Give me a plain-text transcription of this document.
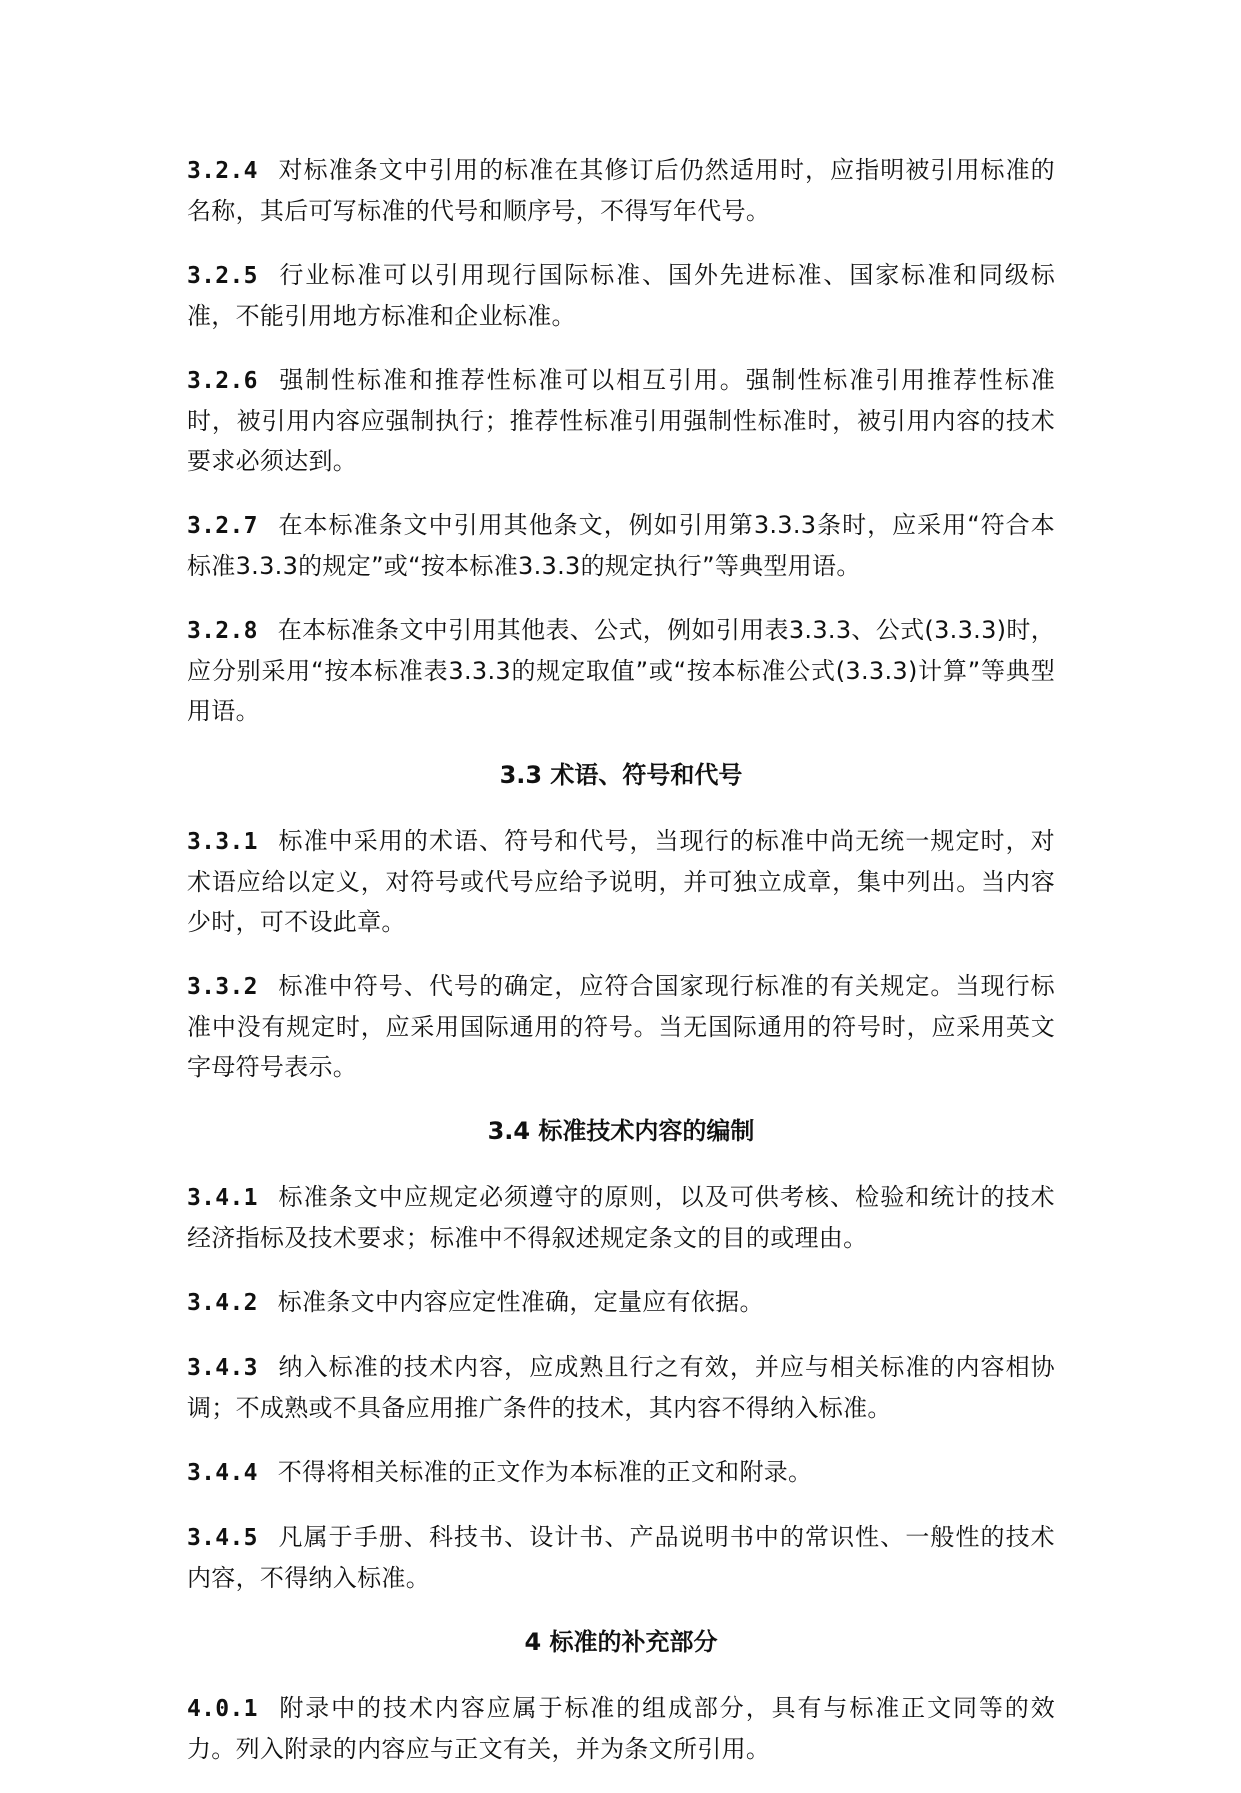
3.2.4 对标准条文中引用的标准在其修订后仍然适用时，应指明被引用标准的名称，其后可写标准的代号和顺序号，不得写年代号。

3.2.5 行业标准可以引用现行国际标准、国外先进标准、国家标准和同级标准，不能引用地方标准和企业标准。

3.2.6 强制性标准和推荐性标准可以相互引用。强制性标准引用推荐性标准时，被引用内容应强制执行；推荐性标准引用强制性标准时，被引用内容的技术要求必须达到。

3.2.7 在本标准条文中引用其他条文，例如引用第3.3.3条时，应采用“符合本标准3.3.3的规定”或“按本标准3.3.3的规定执行”等典型用语。

3.2.8 在本标准条文中引用其他表、公式，例如引用表3.3.3、公式(3.3.3)时，应分别采用“按本标准表3.3.3的规定取值”或“按本标准公式(3.3.3)计算”等典型用语。

3.3 术语、符号和代号

3.3.1 标准中采用的术语、符号和代号，当现行的标准中尚无统一规定时，对术语应给以定义，对符号或代号应给予说明，并可独立成章，集中列出。当内容少时，可不设此章。

3.3.2 标准中符号、代号的确定，应符合国家现行标准的有关规定。当现行标准中没有规定时，应采用国际通用的符号。当无国际通用的符号时，应采用英文字母符号表示。

3.4 标准技术内容的编制

3.4.1 标准条文中应规定必须遵守的原则，以及可供考核、检验和统计的技术经济指标及技术要求；标准中不得叙述规定条文的目的或理由。

3.4.2 标准条文中内容应定性准确，定量应有依据。

3.4.3 纳入标准的技术内容，应成熟且行之有效，并应与相关标准的内容相协调；不成熟或不具备应用推广条件的技术，其内容不得纳入标准。

3.4.4 不得将相关标准的正文作为本标准的正文和附录。

3.4.5 凡属于手册、科技书、设计书、产品说明书中的常识性、一般性的技术内容，不得纳入标准。

4 标准的补充部分

4.0.1 附录中的技术内容应属于标准的组成部分，具有与标准正文同等的效力。列入附录的内容应与正文有关，并为条文所引用。
